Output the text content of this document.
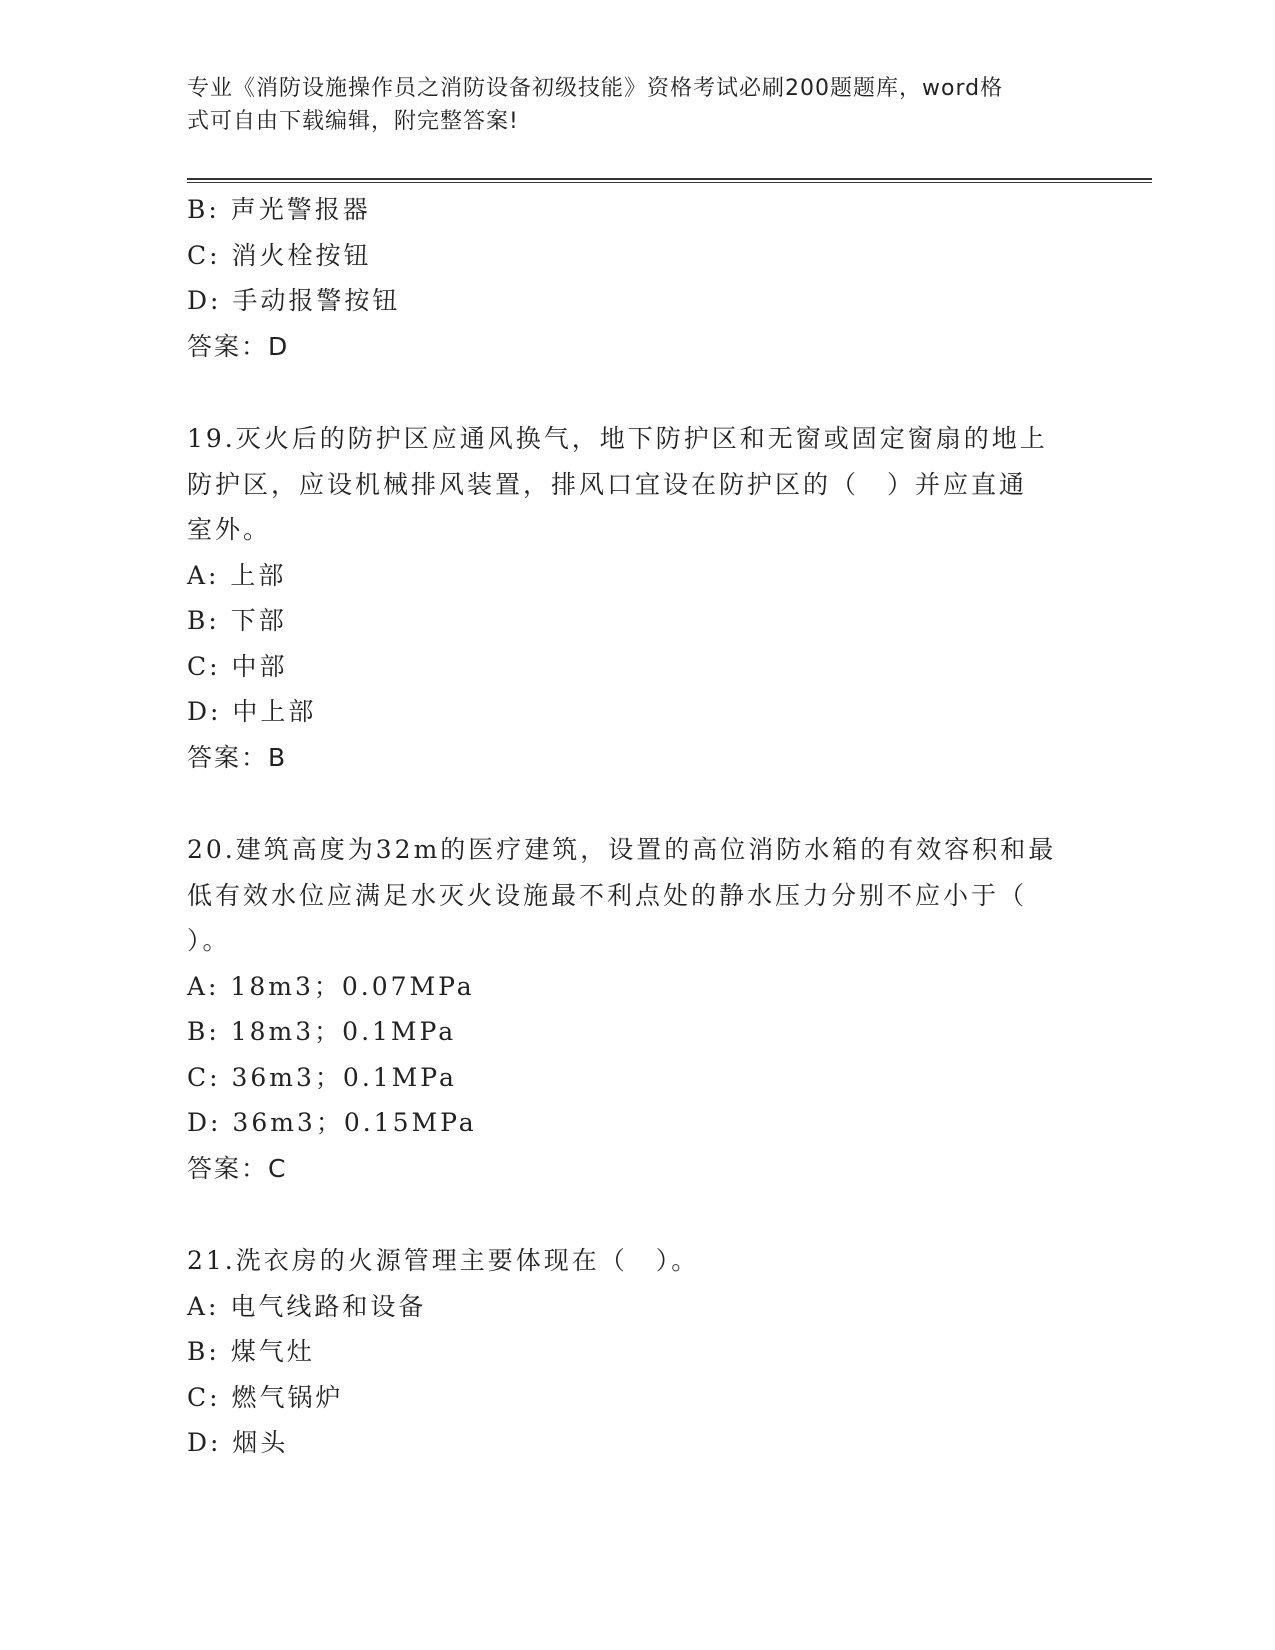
专业《消防设施操作员之消防设备初级技能》资格考试必刷200题题库，word格
式可自由下载编辑，附完整答案!
B: 声光警报器
C: 消火栓按钮
D: 手动报警按钮
答案：D
19.灭火后的防护区应通风换气，地下防护区和无窗或固定窗扇的地上
防护区，应设机械排风装置，排风口宜设在防护区的（　）并应直通
室外。
A: 上部
B: 下部
C: 中部
D: 中上部
答案：B
20.建筑高度为32m的医疗建筑，设置的高位消防水箱的有效容积和最
低有效水位应满足水灭火设施最不利点处的静水压力分别不应小于（
）。
A: 18m3；0.07MPa
B: 18m3；0.1MPa
C: 36m3；0.1MPa
D: 36m3；0.15MPa
答案：C
21.洗衣房的火源管理主要体现在（　）。
A: 电气线路和设备
B: 煤气灶
C: 燃气锅炉
D: 烟头
